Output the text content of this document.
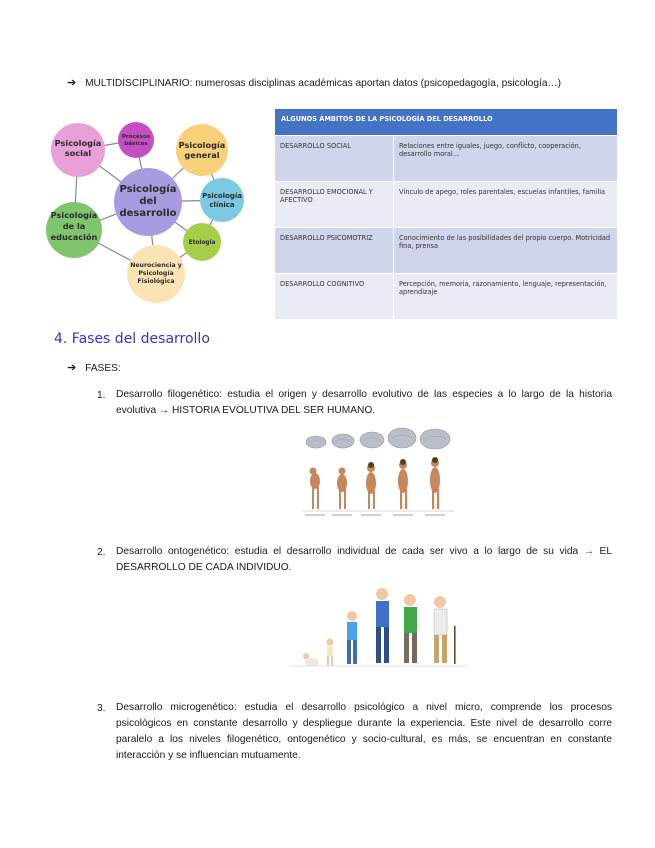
➔ MULTIDISCIPLINARIO: numerosas disciplinas académicas aportan datos (psicopedagogía, psicología…)
Psicología
social
Procesos
básicos	Psicología
general
Psicología
clínica
Psicología
de la
educación
Etología
Neurociencia y
Psicología
Fisiológica
Psicología
del
desarrollo
ALGUNOS ÁMBITOS DE LA PSICOLOGÍA DEL DESARROLLO	
DESARROLLO SOCIAL	Relaciones entre iguales, juego, conflicto, cooperación, desarrollo moral...
DESARROLLO EMOCIONAL Y AFECTIVO	Vínculo de apego, roles parentales, escuelas infantiles, familia
DESARROLLO PSICOMOTRIZ	Conocimiento de las posibilidades del propio cuerpo. Motricidad fina, prensa
DESARROLLO COGNITIVO	Percepción, memoria, razonamiento, lenguaje, representación, aprendizaje
4. Fases del desarrollo
➔ FASES:
1. Desarrollo filogenético: estudia el origen y desarrollo evolutivo de las especies a lo largo de la historia
evolutiva → HISTORIA EVOLUTIVA DEL SER HUMANO.
2. Desarrollo ontogenético: estudia el desarrollo individual de cada ser vivo a lo largo de su vida → EL
DESARROLLO DE CADA INDIVIDUO.
3. Desarrollo microgenético: estudia el desarrollo psicológico a nivel micro, comprende los procesos psicológicos en constante desarrollo y despliegue durante la experiencia. Este nivel de desarrollo corre paralelo a los niveles filogenético, ontogenético y socio-cultural, es más, se encuentran en constante interacción y se influencian mutuamente.
